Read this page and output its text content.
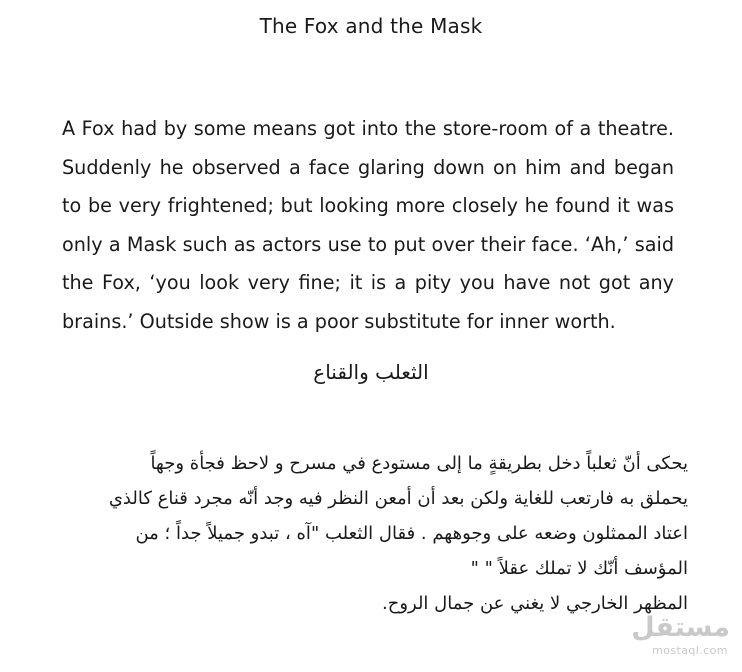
The Fox and the Mask
A Fox had by some means got into the store-room of a theatre. Suddenly he observed a face glaring down on him and began to be very frightened; but looking more closely he found it was only a Mask such as actors use to put over their face. ‘Ah,’ said the Fox, ‘you look very fine; it is a pity you have not got any brains.’ Outside show is a poor substitute for inner worth.
الثعلب والقناع
يحكى أنّ ثعلباً دخل بطريقةٍ ما إلى مستودع في مسرح و لاحظ فجأة وجهاً
يحملق به فارتعب للغاية ولكن بعد أن أمعن النظر فيه وجد أنّه مجرد قناع كالذي
اعتاد الممثلون وضعه على وجوههم . فقال الثعلب "آه ، تبدو جميلاً جداً ؛ من
المؤسف أنّك لا تملك عقلاً " "
المظهر الخارجي لا يغني عن جمال الروح.
مستقل
mostaql.com
